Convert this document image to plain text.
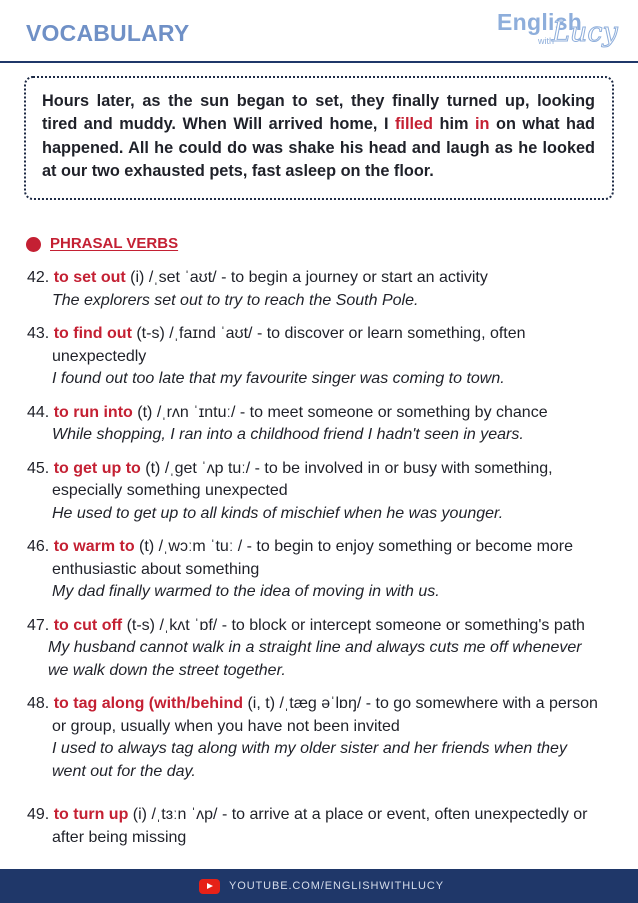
VOCABULARY	English
with
Lucy
Hours later, as the sun began to set, they finally turned up, looking
tired and muddy. When Will arrived home, I filled him in on what had
happened. All he could do was shake his head and laugh as he looked
at our two exhausted pets, fast asleep on the floor.
PHRASAL VERBS
42. to set out (i) /ˌset ˈaʊt/ - to begin a journey or start an activity
The explorers set out to try to reach the South Pole.
43. to find out (t-s) /ˌfaɪnd ˈaʊt/ - to discover or learn something, often
unexpectedly
I found out too late that my favourite singer was coming to town.
44. to run into (t) /ˌrʌn ˈɪntuː/ - to meet someone or something by chance
While shopping, I ran into a childhood friend I hadn't seen in years.
45. to get up to (t) /ˌget ˈʌp tuː/ - to be involved in or busy with something,
especially something unexpected
He used to get up to all kinds of mischief when he was younger.
46. to warm to (t) /ˌwɔːm ˈtuː / - to begin to enjoy something or become more
enthusiastic about something
My dad finally warmed to the idea of moving in with us.
47. to cut off (t-s) /ˌkʌt ˈɒf/ - to block or intercept someone or something's path
My husband cannot walk in a straight line and always cuts me off whenever
we walk down the street together.
48. to tag along (with/behind (i, t) /ˌtæg əˈlɒŋ/ - to go somewhere with a person
or group, usually when you have not been invited
I used to always tag along with my older sister and her friends when they
went out for the day.
49. to turn up (i) /ˌtɜːn ˈʌp/ - to arrive at a place or event, often unexpectedly or
after being missing
YOUTUBE.COM/ENGLISHWITHLUCY
